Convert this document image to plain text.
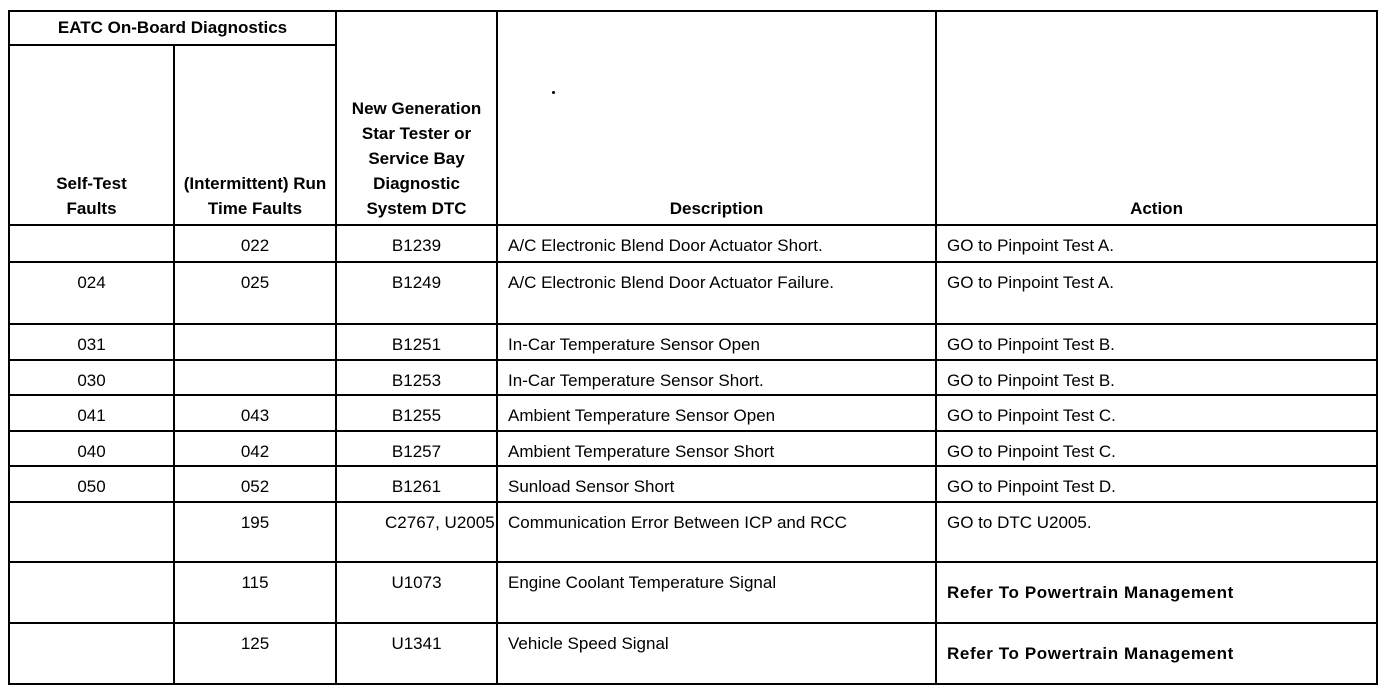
EATC On-Board Diagnostics		New Generation Star Tester or Service Bay Diagnostic System DTC	Description	Action
Self-Test Faults	(Intermittent) Run Time Faults			
	022	B1239	A/C Electronic Blend Door Actuator Short.	GO to Pinpoint Test A.
024	025	B1249	A/C Electronic Blend Door Actuator Failure.	GO to Pinpoint Test A.
031		B1251	In-Car Temperature Sensor Open	GO to Pinpoint Test B.
030		B1253	In-Car Temperature Sensor Short.	GO to Pinpoint Test B.
041	043	B1255	Ambient Temperature Sensor Open	GO to Pinpoint Test C.
040	042	B1257	Ambient Temperature Sensor Short	GO to Pinpoint Test C.
050	052	B1261	Sunload Sensor Short	GO to Pinpoint Test D.
	195	C2767, U2005	Communication Error Between ICP and RCC	GO to DTC U2005.
	115	U1073	Engine Coolant Temperature Signal	Refer To Powertrain Management
	125	U1341	Vehicle Speed Signal	Refer To Powertrain Management
